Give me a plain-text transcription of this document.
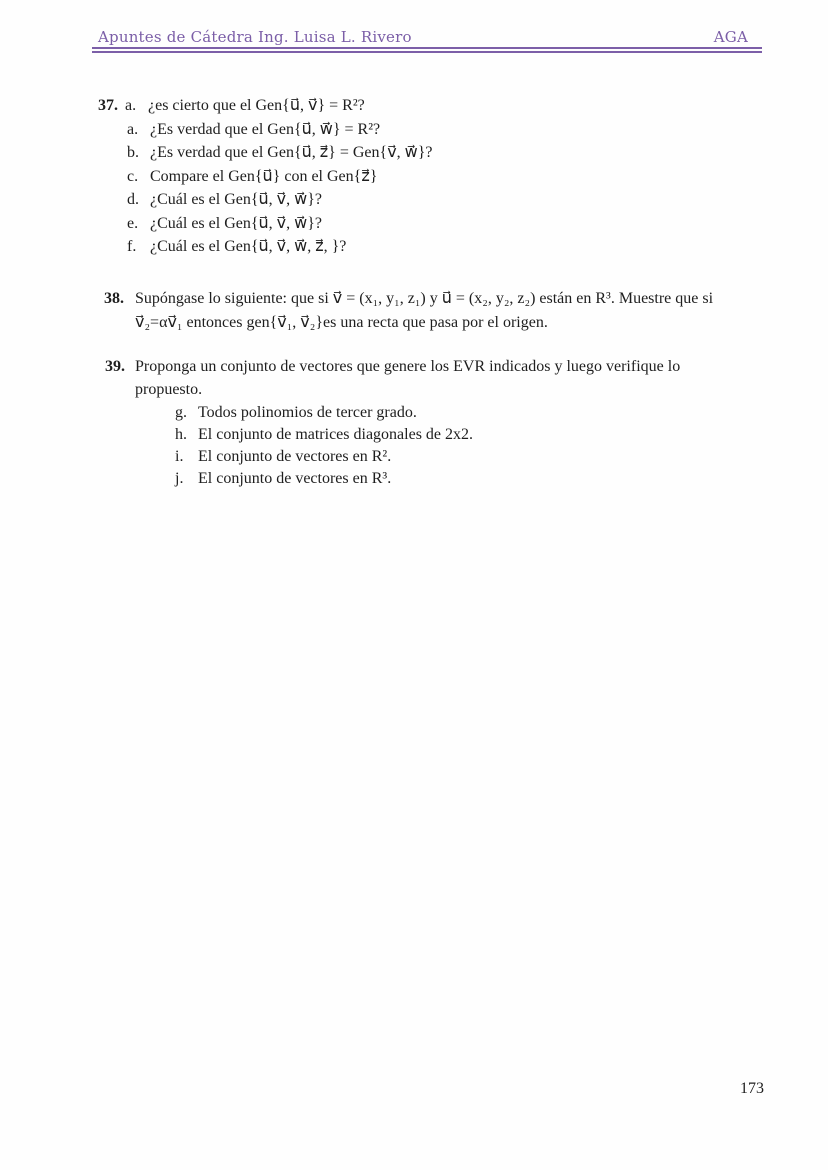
Apuntes de Cátedra Ing. Luisa L. Rivero	AGA
37. a. ¿es cierto que el Gen{u⃗, v⃗} = R²?
a. ¿Es verdad que el Gen{u⃗, w⃗} = R²?
b. ¿Es verdad que el Gen{u⃗, z⃗} = Gen{v⃗, w⃗}?
c. Compare el Gen{u⃗} con el Gen{z⃗}
d. ¿Cuál es el Gen{u⃗, v⃗, w⃗}?
e. ¿Cuál es el Gen{u⃗, v⃗, w⃗}?
f. ¿Cuál es el Gen{u⃗, v⃗, w⃗, z⃗, }?
38. Supóngase lo siguiente: que si v⃗ = (x₁, y₁, z₁) y u⃗ = (x₂, y₂, z₂) están en R³. Muestre que si
v⃗₂=αv⃗₁ entonces gen{v⃗₁, v⃗₂}es una recta que pasa por el origen.
39. Proponga un conjunto de vectores que genere los EVR indicados y luego verifique lo
propuesto.
g. Todos polinomios de tercer grado.
h. El conjunto de matrices diagonales de 2x2.
i. El conjunto de vectores en R².
j. El conjunto de vectores en R³.
173
